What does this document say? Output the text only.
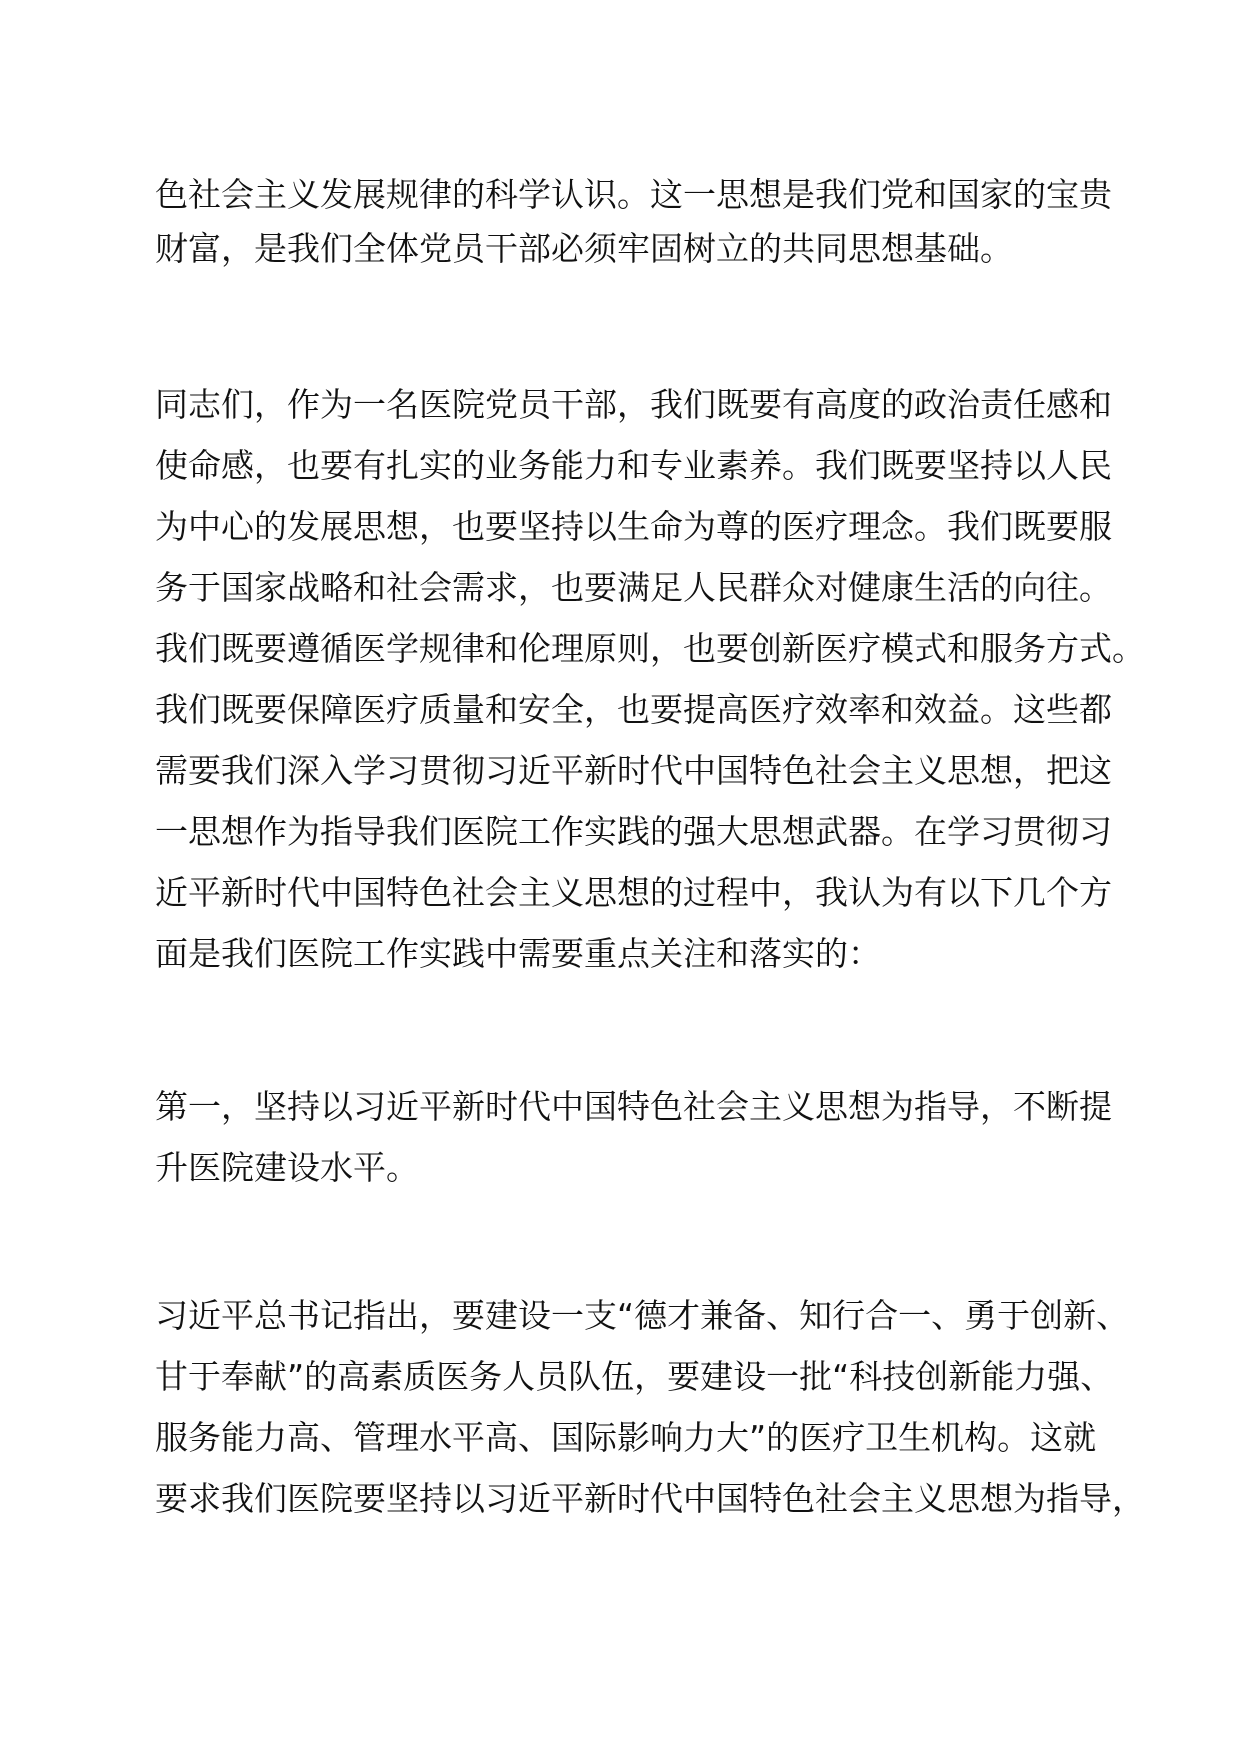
色社会主义发展规律的科学认识。这一思想是我们党和国家的宝贵

财富，是我们全体党员干部必须牢固树立的共同思想基础。

同志们，作为一名医院党员干部，我们既要有高度的政治责任感和

使命感，也要有扎实的业务能力和专业素养。我们既要坚持以人民

为中心的发展思想，也要坚持以生命为尊的医疗理念。我们既要服

务于国家战略和社会需求，也要满足人民群众对健康生活的向往。

我们既要遵循医学规律和伦理原则，也要创新医疗模式和服务方式。

我们既要保障医疗质量和安全，也要提高医疗效率和效益。这些都

需要我们深入学习贯彻习近平新时代中国特色社会主义思想，把这

一思想作为指导我们医院工作实践的强大思想武器。在学习贯彻习

近平新时代中国特色社会主义思想的过程中，我认为有以下几个方

面是我们医院工作实践中需要重点关注和落实的：

第一，坚持以习近平新时代中国特色社会主义思想为指导，不断提

升医院建设水平。

习近平总书记指出，要建设一支“德才兼备、知行合一、勇于创新、

甘于奉献”的高素质医务人员队伍，要建设一批“科技创新能力强、

服务能力高、管理水平高、国际影响力大”的医疗卫生机构。这就

要求我们医院要坚持以习近平新时代中国特色社会主义思想为指导，
